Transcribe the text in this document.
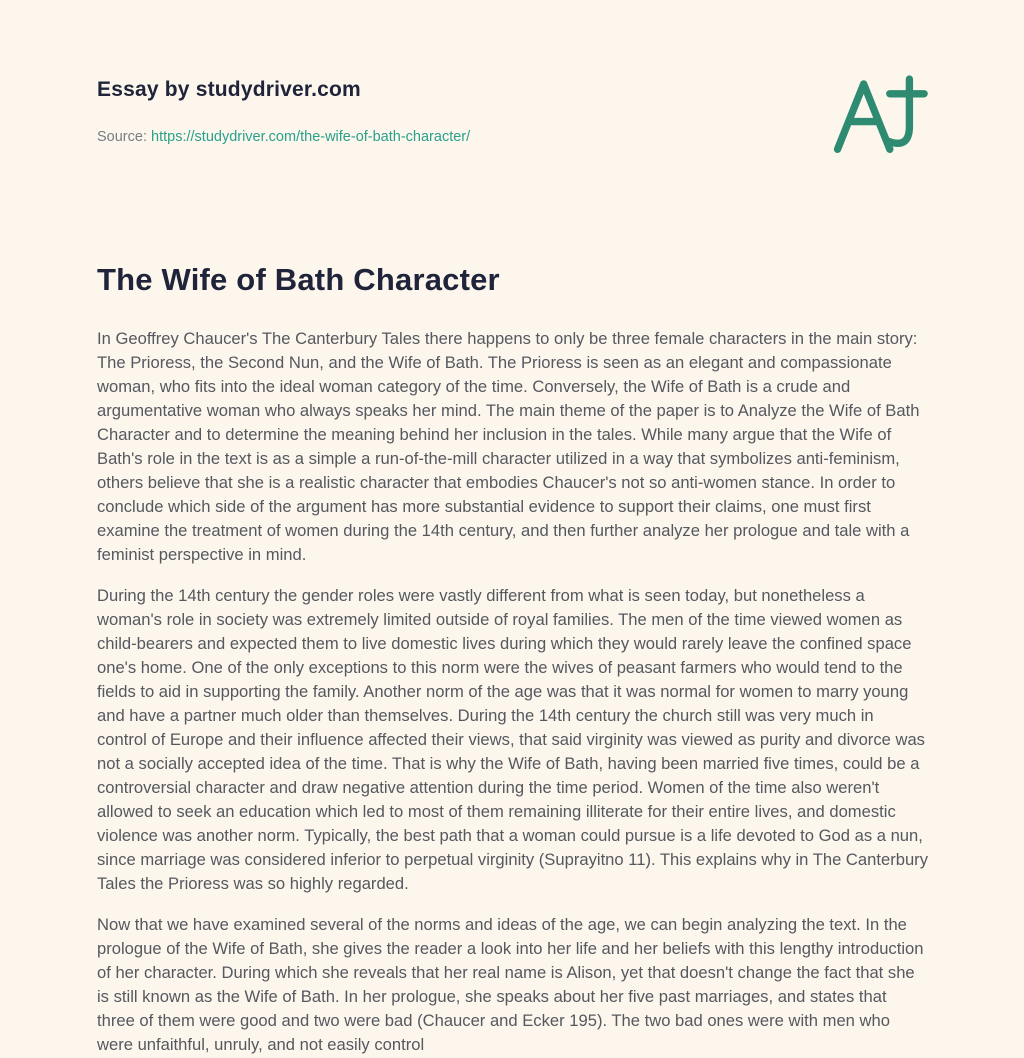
Essay by studydriver.com
Source: https://studydriver.com/the-wife-of-bath-character/
The Wife of Bath Character

In Geoffrey Chaucer's The Canterbury Tales there happens to only be three female characters in the main story: The Prioress, the Second Nun, and the Wife of Bath. The Prioress is seen as an elegant and compassionate woman, who fits into the ideal woman category of the time. Conversely, the Wife of Bath is a crude and argumentative woman who always speaks her mind. The main theme of the paper is to Analyze the Wife of Bath Character and to determine the meaning behind her inclusion in the tales. While many argue that the Wife of Bath's role in the text is as a simple a run-of-the-mill character utilized in a way that symbolizes anti-feminism, others believe that she is a realistic character that embodies Chaucer's not so anti-women stance. In order to conclude which side of the argument has more substantial evidence to support their claims, one must first examine the treatment of women during the 14th century, and then further analyze her prologue and tale with a feminist perspective in mind.

During the 14th century the gender roles were vastly different from what is seen today, but nonetheless a woman's role in society was extremely limited outside of royal families. The men of the time viewed women as child-bearers and expected them to live domestic lives during which they would rarely leave the confined space one's home. One of the only exceptions to this norm were the wives of peasant farmers who would tend to the fields to aid in supporting the family. Another norm of the age was that it was normal for women to marry young and have a partner much older than themselves. During the 14th century the church still was very much in control of Europe and their influence affected their views, that said virginity was viewed as purity and divorce was not a socially accepted idea of the time. That is why the Wife of Bath, having been married five times, could be a controversial character and draw negative attention during the time period. Women of the time also weren't allowed to seek an education which led to most of them remaining illiterate for their entire lives, and domestic violence was another norm. Typically, the best path that a woman could pursue is a life devoted to God as a nun, since marriage was considered inferior to perpetual virginity (Suprayitno 11). This explains why in The Canterbury Tales the Prioress was so highly regarded.

Now that we have examined several of the norms and ideas of the age, we can begin analyzing the text. In the prologue of the Wife of Bath, she gives the reader a look into her life and her beliefs with this lengthy introduction of her character. During which she reveals that her real name is Alison, yet that doesn't change the fact that she is still known as the Wife of Bath. In her prologue, she speaks about her five past marriages, and states that three of them were good and two were bad (Chaucer and Ecker 195). The two bad ones were with men who were unfaithful, unruly, and not easily control
